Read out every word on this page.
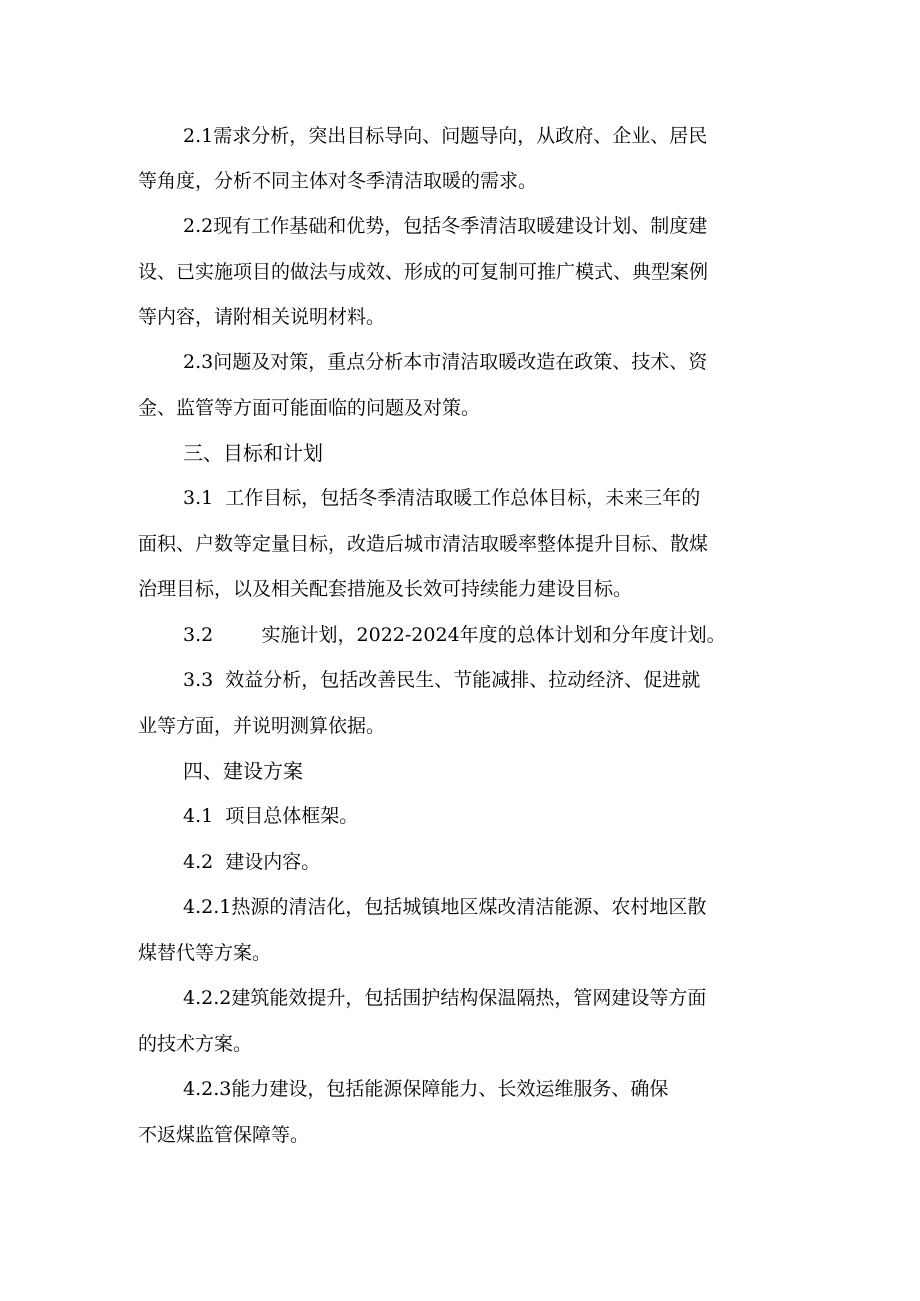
2.1需求分析，突出目标导向、问题导向，从政府、企业、居民
等角度，分析不同主体对冬季清洁取暖的需求。
2.2现有工作基础和优势，包括冬季清洁取暖建设计划、制度建
设、已实施项目的做法与成效、形成的可复制可推广模式、典型案例
等内容，请附相关说明材料。
2.3问题及对策，重点分析本市清洁取暖改造在政策、技术、资
金、监管等方面可能面临的问题及对策。
三、目标和计划
3.1  工作目标，包括冬季清洁取暖工作总体目标，未来三年的
面积、户数等定量目标，改造后城市清洁取暖率整体提升目标、散煤
治理目标，以及相关配套措施及长效可持续能力建设目标。
3.2        实施计划，2022-2024年度的总体计划和分年度计划。
3.3  效益分析，包括改善民生、节能减排、拉动经济、促进就
业等方面，并说明测算依据。
四、建设方案
4.1  项目总体框架。
4.2  建设内容。
4.2.1热源的清洁化，包括城镇地区煤改清洁能源、农村地区散
煤替代等方案。
4.2.2建筑能效提升，包括围护结构保温隔热，管网建设等方面
的技术方案。
4.2.3能力建设，包括能源保障能力、长效运维服务、确保
不返煤监管保障等。
